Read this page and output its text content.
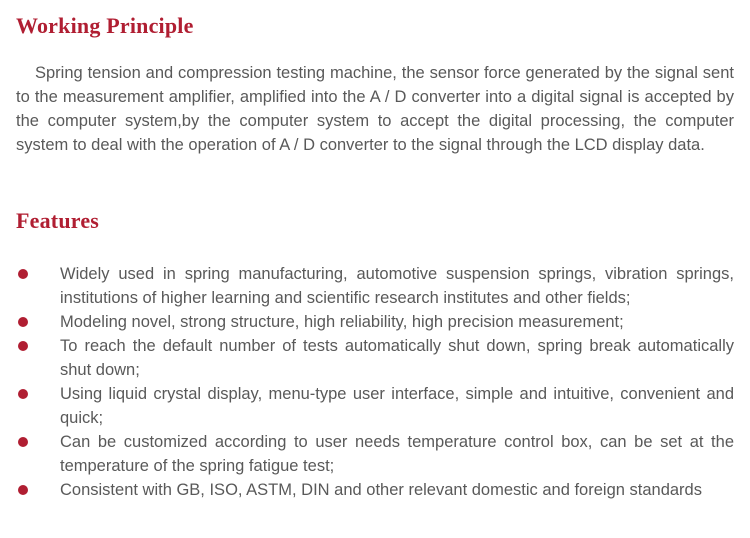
Working Principle

Spring tension and compression testing machine, the sensor force generated by the signal sent to the measurement amplifier, amplified into the A / D converter into a digital signal is accepted by the computer system,by the computer system to accept the digital processing, the computer system to deal with the operation of A / D converter to the signal through the LCD display data.

Features
Widely used in spring manufacturing, automotive suspension springs, vibration springs, institutions of higher learning and scientific research institutes and other fields;
Modeling novel, strong structure, high reliability, high precision measurement;
To reach the default number of tests automatically shut down, spring break automatically shut down;
Using liquid crystal display, menu-type user interface, simple and intuitive, convenient and quick;
Can be customized according to user needs temperature control box, can be set at the temperature of the spring fatigue test;
Consistent with GB, ISO, ASTM, DIN and other relevant domestic and foreign standards
